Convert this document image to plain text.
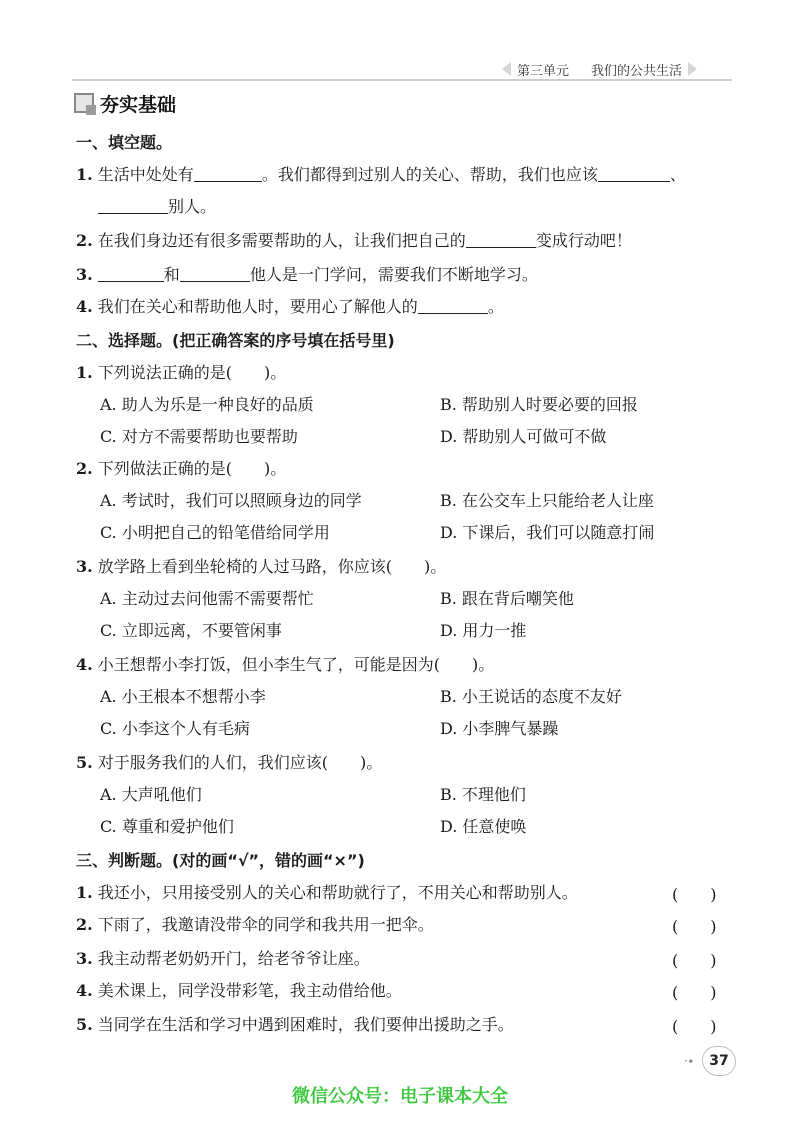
第三单元 我们的公共生活
夯实基础
一、填空题。
1. 生活中处处有	。我们都得到过别人的关心、帮助，我们也应该	、
别人。
2. 在我们身边还有很多需要帮助的人，让我们把自己的	变成行动吧！
3.	和	他人是一门学问，需要我们不断地学习。
4. 我们在关心和帮助他人时，要用心了解他人的	。
二、选择题。(把正确答案的序号填在括号里)
1. 下列说法正确的是(　　)。
A. 助人为乐是一种良好的品质	B. 帮助别人时要必要的回报
C. 对方不需要帮助也要帮助	D. 帮助别人可做可不做
2. 下列做法正确的是(　　)。
A. 考试时，我们可以照顾身边的同学	B. 在公交车上只能给老人让座
C. 小明把自己的铅笔借给同学用	D. 下课后，我们可以随意打闹
3. 放学路上看到坐轮椅的人过马路，你应该(　　)。
A. 主动过去问他需不需要帮忙	B. 跟在背后嘲笑他
C. 立即远离，不要管闲事	D. 用力一推
4. 小王想帮小李打饭，但小李生气了，可能是因为(　　)。
A. 小王根本不想帮小李	B. 小王说话的态度不友好
C. 小李这个人有毛病	D. 小李脾气暴躁
5. 对于服务我们的人们，我们应该(　　)。
A. 大声吼他们	B. 不理他们
C. 尊重和爱护他们	D. 任意使唤
三、判断题。(对的画“√”，错的画“×”)
1. 我还小，只用接受别人的关心和帮助就行了，不用关心和帮助别人。	(　　)
2. 下雨了，我邀请没带伞的同学和我共用一把伞。	(　　)
3. 我主动帮老奶奶开门，给老爷爷让座。	(　　)
4. 美术课上，同学没带彩笔，我主动借给他。	(　　)
5. 当同学在生活和学习中遇到困难时，我们要伸出援助之手。	(　　)
·∙	37
微信公众号：电子课本大全
